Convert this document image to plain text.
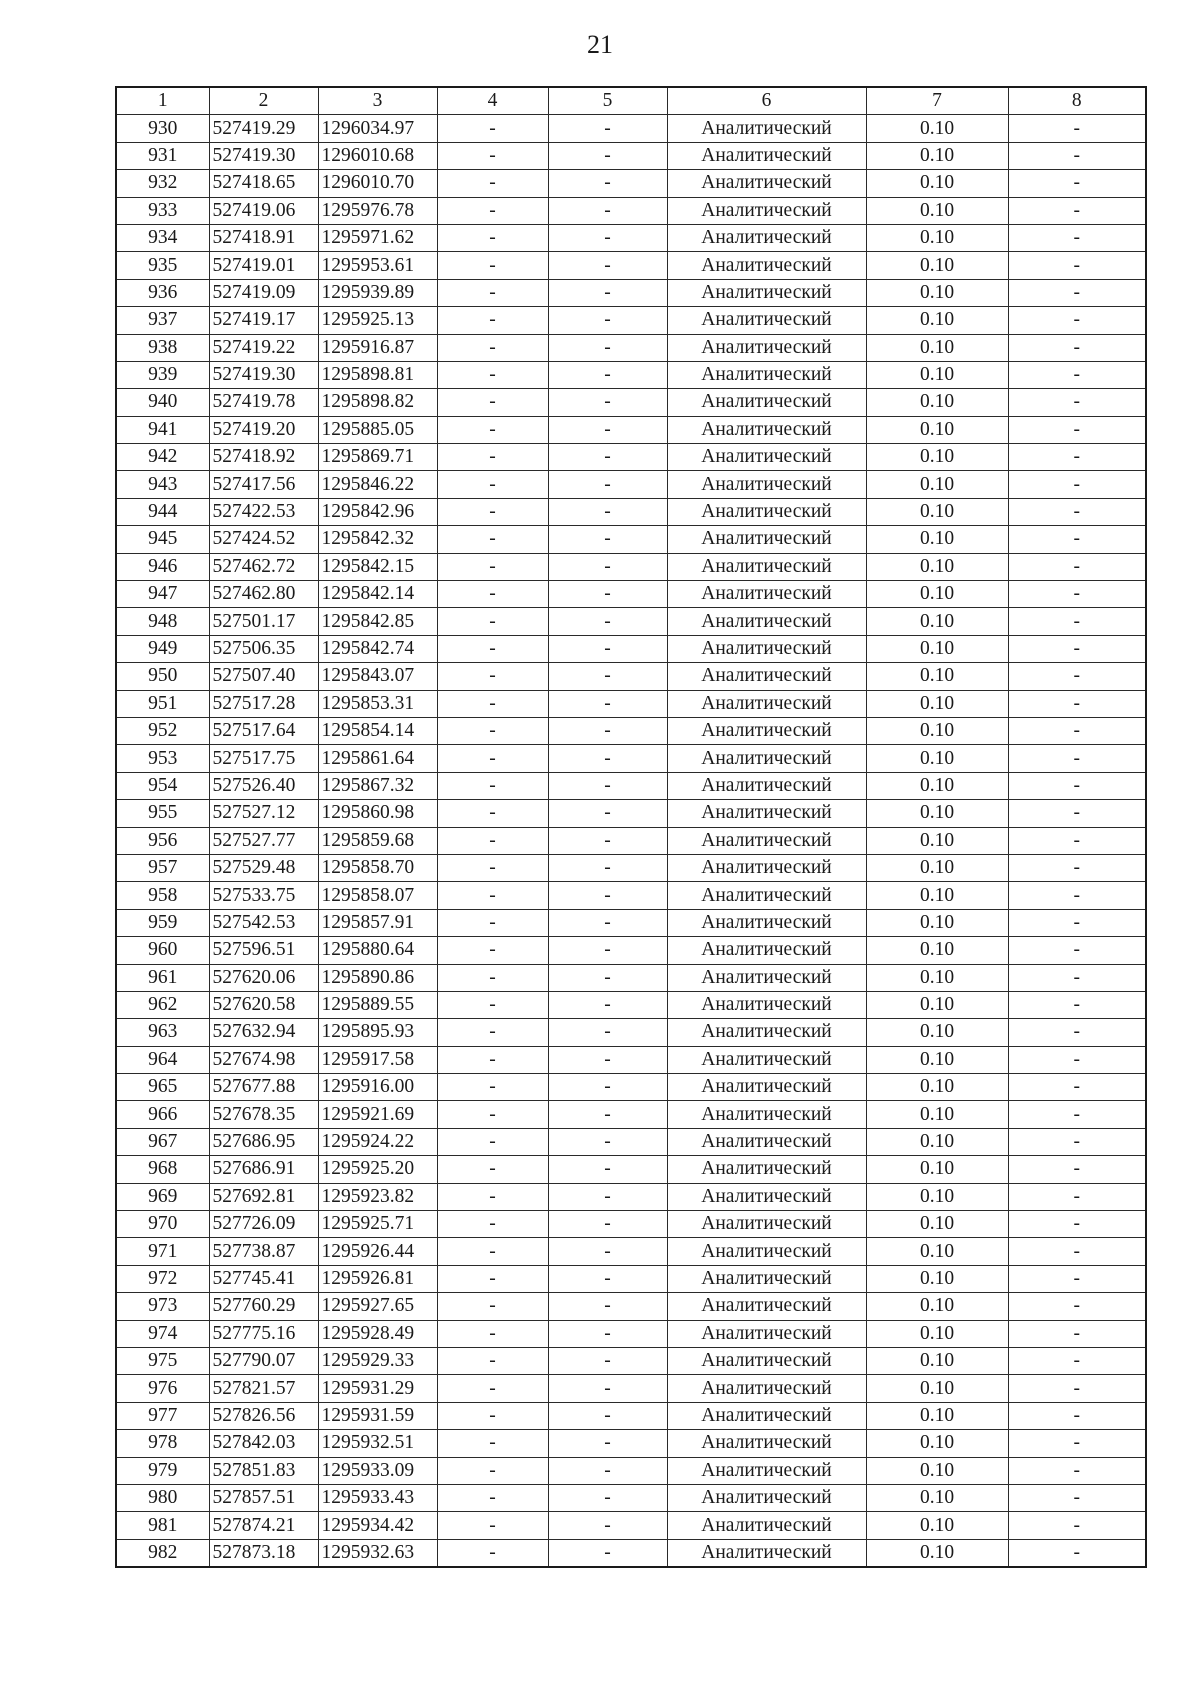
21
1	2	3	4	5	6	7	8
930	527419.29	1296034.97	-	-	Аналитический	0.10	-
931	527419.30	1296010.68	-	-	Аналитический	0.10	-
932	527418.65	1296010.70	-	-	Аналитический	0.10	-
933	527419.06	1295976.78	-	-	Аналитический	0.10	-
934	527418.91	1295971.62	-	-	Аналитический	0.10	-
935	527419.01	1295953.61	-	-	Аналитический	0.10	-
936	527419.09	1295939.89	-	-	Аналитический	0.10	-
937	527419.17	1295925.13	-	-	Аналитический	0.10	-
938	527419.22	1295916.87	-	-	Аналитический	0.10	-
939	527419.30	1295898.81	-	-	Аналитический	0.10	-
940	527419.78	1295898.82	-	-	Аналитический	0.10	-
941	527419.20	1295885.05	-	-	Аналитический	0.10	-
942	527418.92	1295869.71	-	-	Аналитический	0.10	-
943	527417.56	1295846.22	-	-	Аналитический	0.10	-
944	527422.53	1295842.96	-	-	Аналитический	0.10	-
945	527424.52	1295842.32	-	-	Аналитический	0.10	-
946	527462.72	1295842.15	-	-	Аналитический	0.10	-
947	527462.80	1295842.14	-	-	Аналитический	0.10	-
948	527501.17	1295842.85	-	-	Аналитический	0.10	-
949	527506.35	1295842.74	-	-	Аналитический	0.10	-
950	527507.40	1295843.07	-	-	Аналитический	0.10	-
951	527517.28	1295853.31	-	-	Аналитический	0.10	-
952	527517.64	1295854.14	-	-	Аналитический	0.10	-
953	527517.75	1295861.64	-	-	Аналитический	0.10	-
954	527526.40	1295867.32	-	-	Аналитический	0.10	-
955	527527.12	1295860.98	-	-	Аналитический	0.10	-
956	527527.77	1295859.68	-	-	Аналитический	0.10	-
957	527529.48	1295858.70	-	-	Аналитический	0.10	-
958	527533.75	1295858.07	-	-	Аналитический	0.10	-
959	527542.53	1295857.91	-	-	Аналитический	0.10	-
960	527596.51	1295880.64	-	-	Аналитический	0.10	-
961	527620.06	1295890.86	-	-	Аналитический	0.10	-
962	527620.58	1295889.55	-	-	Аналитический	0.10	-
963	527632.94	1295895.93	-	-	Аналитический	0.10	-
964	527674.98	1295917.58	-	-	Аналитический	0.10	-
965	527677.88	1295916.00	-	-	Аналитический	0.10	-
966	527678.35	1295921.69	-	-	Аналитический	0.10	-
967	527686.95	1295924.22	-	-	Аналитический	0.10	-
968	527686.91	1295925.20	-	-	Аналитический	0.10	-
969	527692.81	1295923.82	-	-	Аналитический	0.10	-
970	527726.09	1295925.71	-	-	Аналитический	0.10	-
971	527738.87	1295926.44	-	-	Аналитический	0.10	-
972	527745.41	1295926.81	-	-	Аналитический	0.10	-
973	527760.29	1295927.65	-	-	Аналитический	0.10	-
974	527775.16	1295928.49	-	-	Аналитический	0.10	-
975	527790.07	1295929.33	-	-	Аналитический	0.10	-
976	527821.57	1295931.29	-	-	Аналитический	0.10	-
977	527826.56	1295931.59	-	-	Аналитический	0.10	-
978	527842.03	1295932.51	-	-	Аналитический	0.10	-
979	527851.83	1295933.09	-	-	Аналитический	0.10	-
980	527857.51	1295933.43	-	-	Аналитический	0.10	-
981	527874.21	1295934.42	-	-	Аналитический	0.10	-
982	527873.18	1295932.63	-	-	Аналитический	0.10	-
